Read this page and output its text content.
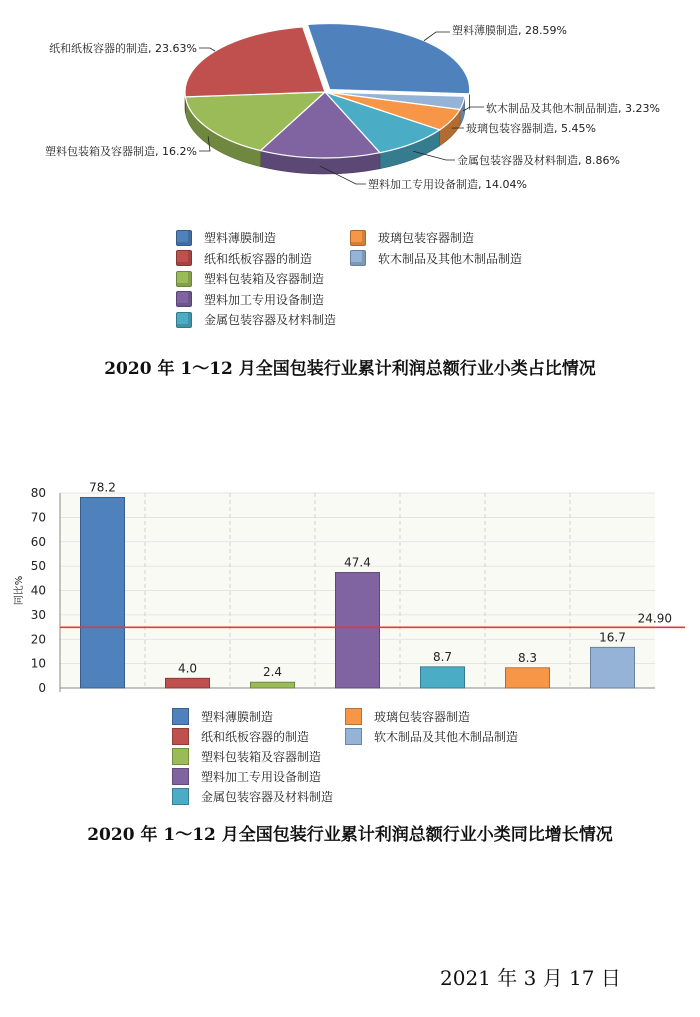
塑料薄膜制造, 28.59%
软木制品及其他木制品制造, 3.23%
玻璃包装容器制造, 5.45%
金属包装容器及材料制造, 8.86%
塑料加工专用设备制造, 14.04%
塑料包装箱及容器制造, 16.2%
纸和纸板容器的制造, 23.63%
塑料薄膜制造
纸和纸板容器的制造
塑料包装箱及容器制造
塑料加工专用设备制造
金属包装容器及材料制造
玻璃包装容器制造
软木制品及其他木制品制造
2020 年 1～12 月全国包装行业累计利润总额行业小类占比情况
0
10
20
30
40
50
60
70
80
同比%
78.2
4.0	2.4
47.4
8.7	8.3
16.7
24.90
塑料薄膜制造
纸和纸板容器的制造
塑料包装箱及容器制造
塑料加工专用设备制造
金属包装容器及材料制造
玻璃包装容器制造
软木制品及其他木制品制造
2020 年 1～12 月全国包装行业累计利润总额行业小类同比增长情况
2021 年 3 月 17 日
